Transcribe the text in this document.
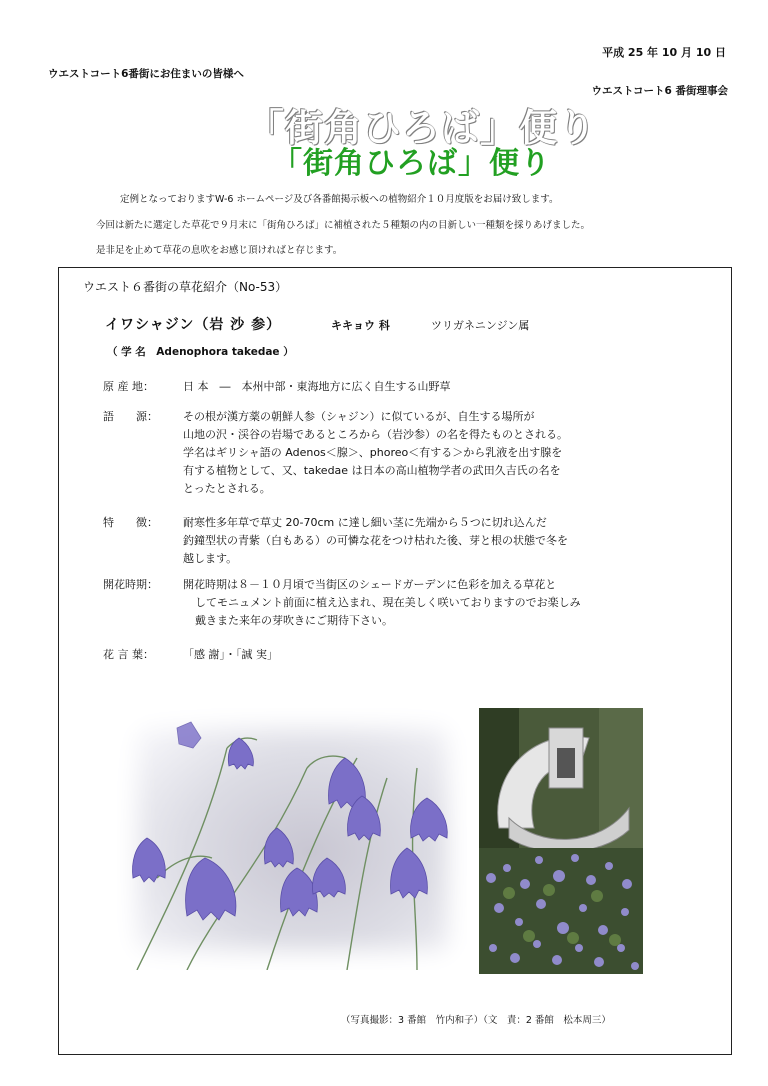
平成 25 年 10 月 10 日
ウエストコート6番街にお住まいの皆様へ
ウエストコート6 番街理事会
「街角ひろば」便り
「街角ひろば」便り
定例となっておりますW-6 ホームページ及び各番館掲示板への植物紹介１０月度版をお届け致します。
今回は新たに選定した草花で９月末に「街角ひろば」に補植された５種類の内の目新しい一種類を採りあげました。
是非足を止めて草花の息吹をお感じ頂ければと存じます。
ウエスト６番街の草花紹介（No-53）
イワシャジン（岩 沙 参）	キキョウ 科	ツリガネニンジン属
（ 学 名　Adenophora takedae ）
原 産 地：	日 本　―　本州中部・東海地方に広く自生する山野草
語　　源：	その根が漢方薬の朝鮮人参（シャジン）に似ているが、自生する場所が
山地の沢・渓谷の岩場であるところから（岩沙参）の名を得たものとされる。
学名はギリシャ語の Adenos＜腺＞、phoreo＜有する＞から乳液を出す腺を
有する植物として、又、takedae は日本の高山植物学者の武田久吉氏の名を
とったとされる。
特　　徴：	耐寒性多年草で草丈 20-70cm に達し細い茎に先端から５つに切れ込んだ
釣鐘型状の青紫（白もある）の可憐な花をつけ枯れた後、芽と根の状態で冬を
越します。
開花時期：	開花時期は８－１０月頃で当街区のシェードガーデンに色彩を加える草花と
してモニュメント前面に植え込まれ、現在美しく咲いておりますのでお楽しみ
戴きまた来年の芽吹きにご期待下さい。
花 言 葉：	「感 謝」・「誠 実」
（写真撮影：3 番館　竹内和子）（文　責：2 番館　松本周三）
